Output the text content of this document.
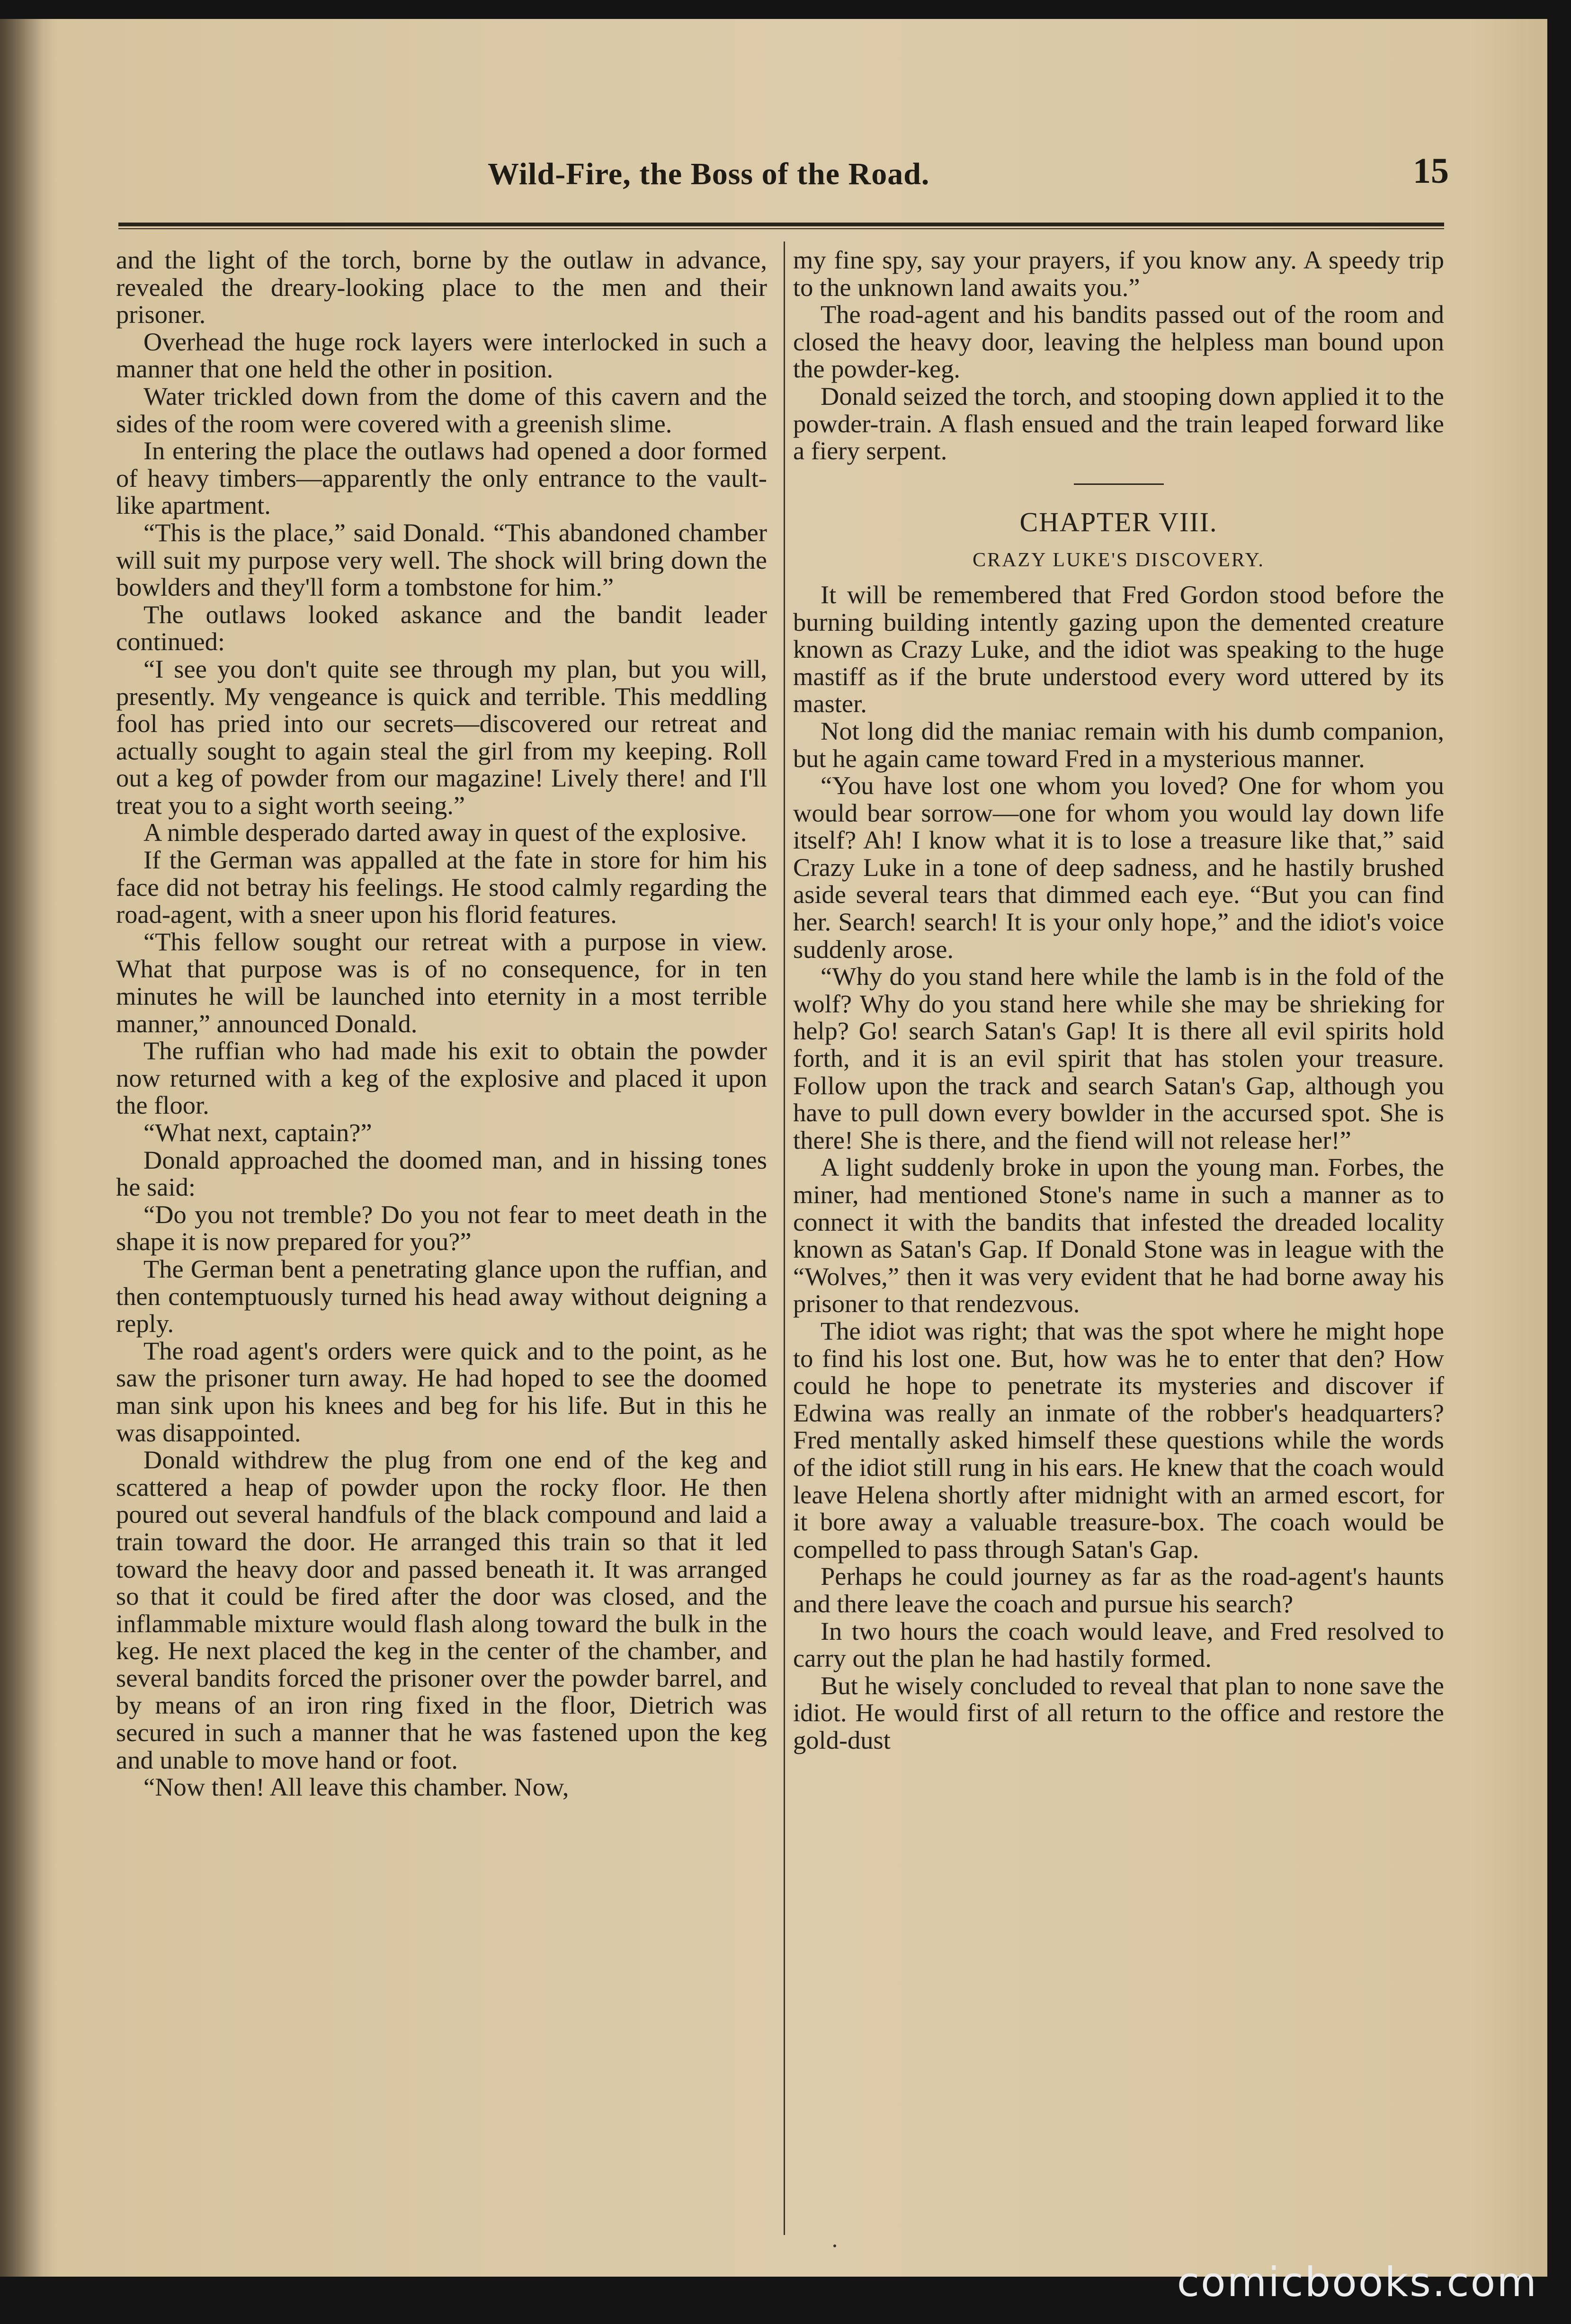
Wild-Fire, the Boss of the Road.	15

and the light of the torch, borne by the outlaw in advance, revealed the dreary-looking place to the men and their prisoner.

Overhead the huge rock layers were interlocked in such a manner that one held the other in position.

Water trickled down from the dome of this cavern and the sides of the room were covered with a greenish slime.

In entering the place the outlaws had opened a door formed of heavy timbers—apparently the only entrance to the vault-like apartment.

“This is the place,” said Donald. “This abandoned chamber will suit my purpose very well. The shock will bring down the bowlders and they'll form a tombstone for him.”

The outlaws looked askance and the bandit leader continued:

“I see you don't quite see through my plan, but you will, presently. My vengeance is quick and terrible. This meddling fool has pried into our secrets—discovered our retreat and actually sought to again steal the girl from my keeping. Roll out a keg of powder from our magazine! Lively there! and I'll treat you to a sight worth seeing.”

A nimble desperado darted away in quest of the explosive.

If the German was appalled at the fate in store for him his face did not betray his feelings. He stood calmly regarding the road-agent, with a sneer upon his florid features.

“This fellow sought our retreat with a purpose in view. What that purpose was is of no consequence, for in ten minutes he will be launched into eternity in a most terrible manner,” announced Donald.

The ruffian who had made his exit to obtain the powder now returned with a keg of the explosive and placed it upon the floor.

“What next, captain?”

Donald approached the doomed man, and in hissing tones he said:

“Do you not tremble? Do you not fear to meet death in the shape it is now prepared for you?”

The German bent a penetrating glance upon the ruffian, and then contemptuously turned his head away without deigning a reply.

The road agent's orders were quick and to the point, as he saw the prisoner turn away. He had hoped to see the doomed man sink upon his knees and beg for his life. But in this he was disappointed.

Donald withdrew the plug from one end of the keg and scattered a heap of powder upon the rocky floor. He then poured out several handfuls of the black compound and laid a train toward the door. He arranged this train so that it led toward the heavy door and passed beneath it. It was arranged so that it could be fired after the door was closed, and the inflammable mixture would flash along toward the bulk in the keg. He next placed the keg in the center of the chamber, and several bandits forced the prisoner over the powder barrel, and by means of an iron ring fixed in the floor, Dietrich was secured in such a manner that he was fastened upon the keg and unable to move hand or foot.

“Now then! All leave this chamber. Now,

my fine spy, say your prayers, if you know any. A speedy trip to the unknown land awaits you.”

The road-agent and his bandits passed out of the room and closed the heavy door, leaving the helpless man bound upon the powder-keg.

Donald seized the torch, and stooping down applied it to the powder-train. A flash ensued and the train leaped forward like a fiery serpent.

CHAPTER VIII.

CRAZY LUKE'S DISCOVERY.

It will be remembered that Fred Gordon stood before the burning building intently gazing upon the demented creature known as Crazy Luke, and the idiot was speaking to the huge mastiff as if the brute understood every word uttered by its master.

Not long did the maniac remain with his dumb companion, but he again came toward Fred in a mysterious manner.

“You have lost one whom you loved? One for whom you would bear sorrow—one for whom you would lay down life itself? Ah! I know what it is to lose a treasure like that,” said Crazy Luke in a tone of deep sadness, and he hastily brushed aside several tears that dimmed each eye. “But you can find her. Search! search! It is your only hope,” and the idiot's voice suddenly arose.

“Why do you stand here while the lamb is in the fold of the wolf? Why do you stand here while she may be shrieking for help? Go! search Satan's Gap! It is there all evil spirits hold forth, and it is an evil spirit that has stolen your treasure. Follow upon the track and search Satan's Gap, although you have to pull down every bowlder in the accursed spot. She is there! She is there, and the fiend will not release her!”

A light suddenly broke in upon the young man. Forbes, the miner, had mentioned Stone's name in such a manner as to connect it with the bandits that infested the dreaded locality known as Satan's Gap. If Donald Stone was in league with the “Wolves,” then it was very evident that he had borne away his prisoner to that rendezvous.

The idiot was right; that was the spot where he might hope to find his lost one. But, how was he to enter that den? How could he hope to penetrate its mysteries and discover if Edwina was really an inmate of the robber's headquarters? Fred mentally asked himself these questions while the words of the idiot still rung in his ears. He knew that the coach would leave Helena shortly after midnight with an armed escort, for it bore away a valuable treasure-box. The coach would be compelled to pass through Satan's Gap.

Perhaps he could journey as far as the road-agent's haunts and there leave the coach and pursue his search?

In two hours the coach would leave, and Fred resolved to carry out the plan he had hastily formed.

But he wisely concluded to reveal that plan to none save the idiot. He would first of all return to the office and restore the gold-dust

comicbooks.com
